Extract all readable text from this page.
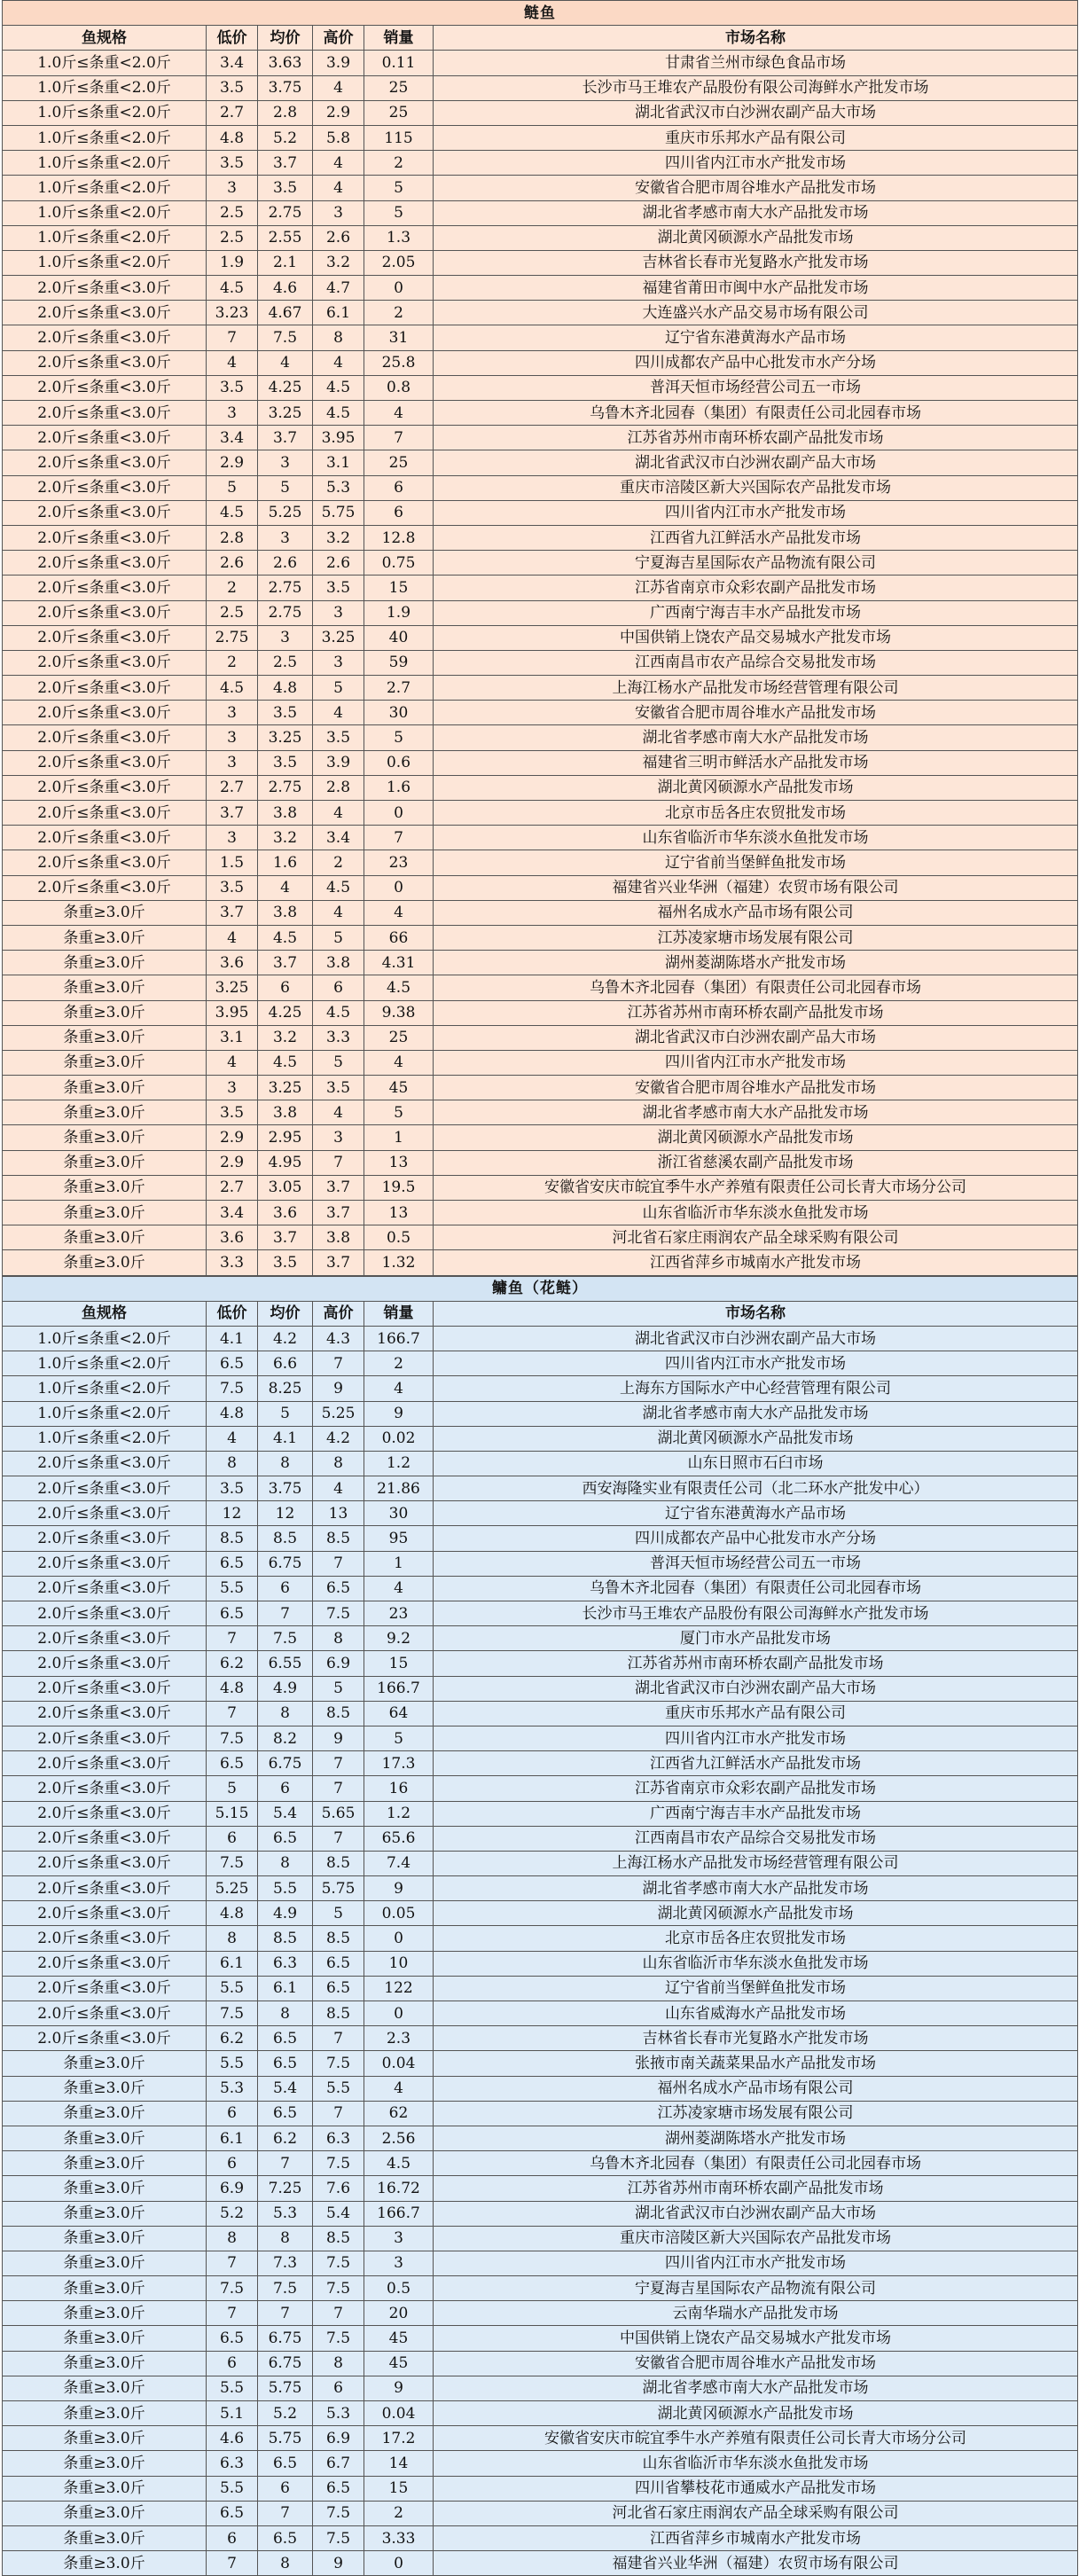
鲢鱼					
鱼规格	低价	均价	高价	销量	市场名称
1.0斤≤条重<2.0斤	3.4	3.63	3.9	0.11	甘肃省兰州市绿色食品市场
1.0斤≤条重<2.0斤	3.5	3.75	4	25	长沙市马王堆农产品股份有限公司海鲜水产批发市场
1.0斤≤条重<2.0斤	2.7	2.8	2.9	25	湖北省武汉市白沙洲农副产品大市场
1.0斤≤条重<2.0斤	4.8	5.2	5.8	115	重庆市乐邦水产品有限公司
1.0斤≤条重<2.0斤	3.5	3.7	4	2	四川省内江市水产批发市场
1.0斤≤条重<2.0斤	3	3.5	4	5	安徽省合肥市周谷堆水产品批发市场
1.0斤≤条重<2.0斤	2.5	2.75	3	5	湖北省孝感市南大水产品批发市场
1.0斤≤条重<2.0斤	2.5	2.55	2.6	1.3	湖北黄冈硕源水产品批发市场
1.0斤≤条重<2.0斤	1.9	2.1	3.2	2.05	吉林省长春市光复路水产批发市场
2.0斤≤条重<3.0斤	4.5	4.6	4.7	0	福建省莆田市闽中水产品批发市场
2.0斤≤条重<3.0斤	3.23	4.67	6.1	2	大连盛兴水产品交易市场有限公司
2.0斤≤条重<3.0斤	7	7.5	8	31	辽宁省东港黄海水产品市场
2.0斤≤条重<3.0斤	4	4	4	25.8	四川成都农产品中心批发市水产分场
2.0斤≤条重<3.0斤	3.5	4.25	4.5	0.8	普洱天恒市场经营公司五一市场
2.0斤≤条重<3.0斤	3	3.25	4.5	4	乌鲁木齐北园春（集团）有限责任公司北园春市场
2.0斤≤条重<3.0斤	3.4	3.7	3.95	7	江苏省苏州市南环桥农副产品批发市场
2.0斤≤条重<3.0斤	2.9	3	3.1	25	湖北省武汉市白沙洲农副产品大市场
2.0斤≤条重<3.0斤	5	5	5.3	6	重庆市涪陵区新大兴国际农产品批发市场
2.0斤≤条重<3.0斤	4.5	5.25	5.75	6	四川省内江市水产批发市场
2.0斤≤条重<3.0斤	2.8	3	3.2	12.8	江西省九江鲜活水产品批发市场
2.0斤≤条重<3.0斤	2.6	2.6	2.6	0.75	宁夏海吉星国际农产品物流有限公司
2.0斤≤条重<3.0斤	2	2.75	3.5	15	江苏省南京市众彩农副产品批发市场
2.0斤≤条重<3.0斤	2.5	2.75	3	1.9	广西南宁海吉丰水产品批发市场
2.0斤≤条重<3.0斤	2.75	3	3.25	40	中国供销上饶农产品交易城水产批发市场
2.0斤≤条重<3.0斤	2	2.5	3	59	江西南昌市农产品综合交易批发市场
2.0斤≤条重<3.0斤	4.5	4.8	5	2.7	上海江杨水产品批发市场经营管理有限公司
2.0斤≤条重<3.0斤	3	3.5	4	30	安徽省合肥市周谷堆水产品批发市场
2.0斤≤条重<3.0斤	3	3.25	3.5	5	湖北省孝感市南大水产品批发市场
2.0斤≤条重<3.0斤	3	3.5	3.9	0.6	福建省三明市鲜活水产品批发市场
2.0斤≤条重<3.0斤	2.7	2.75	2.8	1.6	湖北黄冈硕源水产品批发市场
2.0斤≤条重<3.0斤	3.7	3.8	4	0	北京市岳各庄农贸批发市场
2.0斤≤条重<3.0斤	3	3.2	3.4	7	山东省临沂市华东淡水鱼批发市场
2.0斤≤条重<3.0斤	1.5	1.6	2	23	辽宁省前当堡鲜鱼批发市场
2.0斤≤条重<3.0斤	3.5	4	4.5	0	福建省兴业华洲（福建）农贸市场有限公司
条重≥3.0斤	3.7	3.8	4	4	福州名成水产品市场有限公司
条重≥3.0斤	4	4.5	5	66	江苏凌家塘市场发展有限公司
条重≥3.0斤	3.6	3.7	3.8	4.31	湖州菱湖陈塔水产批发市场
条重≥3.0斤	3.25	6	6	4.5	乌鲁木齐北园春（集团）有限责任公司北园春市场
条重≥3.0斤	3.95	4.25	4.5	9.38	江苏省苏州市南环桥农副产品批发市场
条重≥3.0斤	3.1	3.2	3.3	25	湖北省武汉市白沙洲农副产品大市场
条重≥3.0斤	4	4.5	5	4	四川省内江市水产批发市场
条重≥3.0斤	3	3.25	3.5	45	安徽省合肥市周谷堆水产品批发市场
条重≥3.0斤	3.5	3.8	4	5	湖北省孝感市南大水产品批发市场
条重≥3.0斤	2.9	2.95	3	1	湖北黄冈硕源水产品批发市场
条重≥3.0斤	2.9	4.95	7	13	浙江省慈溪农副产品批发市场
条重≥3.0斤	2.7	3.05	3.7	19.5	安徽省安庆市皖宜季牛水产养殖有限责任公司长青大市场分公司
条重≥3.0斤	3.4	3.6	3.7	13	山东省临沂市华东淡水鱼批发市场
条重≥3.0斤	3.6	3.7	3.8	0.5	河北省石家庄雨润农产品全球采购有限公司
条重≥3.0斤	3.3	3.5	3.7	1.32	江西省萍乡市城南水产批发市场
鳙鱼（花鲢）					
鱼规格	低价	均价	高价	销量	市场名称
1.0斤≤条重<2.0斤	4.1	4.2	4.3	166.7	湖北省武汉市白沙洲农副产品大市场
1.0斤≤条重<2.0斤	6.5	6.6	7	2	四川省内江市水产批发市场
1.0斤≤条重<2.0斤	7.5	8.25	9	4	上海东方国际水产中心经营管理有限公司
1.0斤≤条重<2.0斤	4.8	5	5.25	9	湖北省孝感市南大水产品批发市场
1.0斤≤条重<2.0斤	4	4.1	4.2	0.02	湖北黄冈硕源水产品批发市场
2.0斤≤条重<3.0斤	8	8	8	1.2	山东日照市石臼市场
2.0斤≤条重<3.0斤	3.5	3.75	4	21.86	西安海隆实业有限责任公司（北二环水产批发中心）
2.0斤≤条重<3.0斤	12	12	13	30	辽宁省东港黄海水产品市场
2.0斤≤条重<3.0斤	8.5	8.5	8.5	95	四川成都农产品中心批发市水产分场
2.0斤≤条重<3.0斤	6.5	6.75	7	1	普洱天恒市场经营公司五一市场
2.0斤≤条重<3.0斤	5.5	6	6.5	4	乌鲁木齐北园春（集团）有限责任公司北园春市场
2.0斤≤条重<3.0斤	6.5	7	7.5	23	长沙市马王堆农产品股份有限公司海鲜水产批发市场
2.0斤≤条重<3.0斤	7	7.5	8	9.2	厦门市水产品批发市场
2.0斤≤条重<3.0斤	6.2	6.55	6.9	15	江苏省苏州市南环桥农副产品批发市场
2.0斤≤条重<3.0斤	4.8	4.9	5	166.7	湖北省武汉市白沙洲农副产品大市场
2.0斤≤条重<3.0斤	7	8	8.5	64	重庆市乐邦水产品有限公司
2.0斤≤条重<3.0斤	7.5	8.2	9	5	四川省内江市水产批发市场
2.0斤≤条重<3.0斤	6.5	6.75	7	17.3	江西省九江鲜活水产品批发市场
2.0斤≤条重<3.0斤	5	6	7	16	江苏省南京市众彩农副产品批发市场
2.0斤≤条重<3.0斤	5.15	5.4	5.65	1.2	广西南宁海吉丰水产品批发市场
2.0斤≤条重<3.0斤	6	6.5	7	65.6	江西南昌市农产品综合交易批发市场
2.0斤≤条重<3.0斤	7.5	8	8.5	7.4	上海江杨水产品批发市场经营管理有限公司
2.0斤≤条重<3.0斤	5.25	5.5	5.75	9	湖北省孝感市南大水产品批发市场
2.0斤≤条重<3.0斤	4.8	4.9	5	0.05	湖北黄冈硕源水产品批发市场
2.0斤≤条重<3.0斤	8	8.5	8.5	0	北京市岳各庄农贸批发市场
2.0斤≤条重<3.0斤	6.1	6.3	6.5	10	山东省临沂市华东淡水鱼批发市场
2.0斤≤条重<3.0斤	5.5	6.1	6.5	122	辽宁省前当堡鲜鱼批发市场
2.0斤≤条重<3.0斤	7.5	8	8.5	0	山东省威海水产品批发市场
2.0斤≤条重<3.0斤	6.2	6.5	7	2.3	吉林省长春市光复路水产批发市场
条重≥3.0斤	5.5	6.5	7.5	0.04	张掖市南关蔬菜果品水产品批发市场
条重≥3.0斤	5.3	5.4	5.5	4	福州名成水产品市场有限公司
条重≥3.0斤	6	6.5	7	62	江苏凌家塘市场发展有限公司
条重≥3.0斤	6.1	6.2	6.3	2.56	湖州菱湖陈塔水产批发市场
条重≥3.0斤	6	7	7.5	4.5	乌鲁木齐北园春（集团）有限责任公司北园春市场
条重≥3.0斤	6.9	7.25	7.6	16.72	江苏省苏州市南环桥农副产品批发市场
条重≥3.0斤	5.2	5.3	5.4	166.7	湖北省武汉市白沙洲农副产品大市场
条重≥3.0斤	8	8	8.5	3	重庆市涪陵区新大兴国际农产品批发市场
条重≥3.0斤	7	7.3	7.5	3	四川省内江市水产批发市场
条重≥3.0斤	7.5	7.5	7.5	0.5	宁夏海吉星国际农产品物流有限公司
条重≥3.0斤	7	7	7	20	云南华瑞水产品批发市场
条重≥3.0斤	6.5	6.75	7.5	45	中国供销上饶农产品交易城水产批发市场
条重≥3.0斤	6	6.75	8	45	安徽省合肥市周谷堆水产品批发市场
条重≥3.0斤	5.5	5.75	6	9	湖北省孝感市南大水产品批发市场
条重≥3.0斤	5.1	5.2	5.3	0.04	湖北黄冈硕源水产品批发市场
条重≥3.0斤	4.6	5.75	6.9	17.2	安徽省安庆市皖宜季牛水产养殖有限责任公司长青大市场分公司
条重≥3.0斤	6.3	6.5	6.7	14	山东省临沂市华东淡水鱼批发市场
条重≥3.0斤	5.5	6	6.5	15	四川省攀枝花市通威水产品批发市场
条重≥3.0斤	6.5	7	7.5	2	河北省石家庄雨润农产品全球采购有限公司
条重≥3.0斤	6	6.5	7.5	3.33	江西省萍乡市城南水产批发市场
条重≥3.0斤	7	8	9	0	福建省兴业华洲（福建）农贸市场有限公司
